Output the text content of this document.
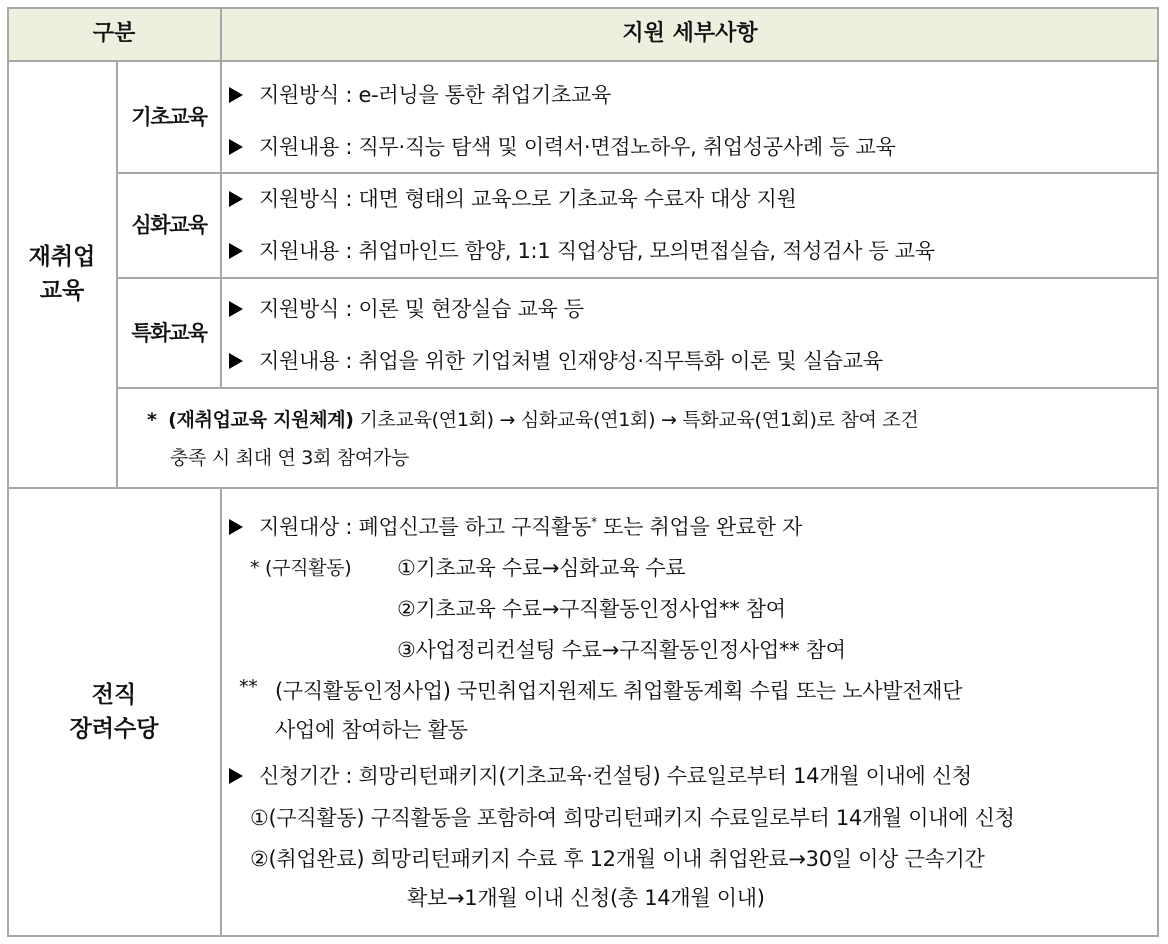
구분	지원 세부사항
재취업
교육
기초교육
심화교육
특화교육
지원방식 : e-러닝을 통한 취업기초교육
지원내용 : 직무·직능 탐색 및 이력서·면접노하우, 취업성공사례 등 교육
지원방식 : 대면 형태의 교육으로 기초교육 수료자 대상 지원
지원내용 : 취업마인드 함양, 1:1 직업상담, 모의면접실습, 적성검사 등 교육
지원방식 : 이론 및 현장실습 교육 등
지원내용 : 취업을 위한 기업처별 인재양성·직무특화 이론 및 실습교육
* (재취업교육 지원체계) 기초교육(연1회) → 심화교육(연1회) → 특화교육(연1회)로 참여 조건
충족 시 최대 연 3회 참여가능
전직
장려수당
지원대상 : 폐업신고를 하고 구직활동* 또는 취업을 완료한 자
* (구직활동) ①기초교육 수료→심화교육 수료
②기초교육 수료→구직활동인정사업** 참여
③사업정리컨설팅 수료→구직활동인정사업** 참여
** (구직활동인정사업) 국민취업지원제도 취업활동계획 수립 또는 노사발전재단
사업에 참여하는 활동
신청기간 : 희망리턴패키지(기초교육·컨설팅) 수료일로부터 14개월 이내에 신청
①(구직활동) 구직활동을 포함하여 희망리턴패키지 수료일로부터 14개월 이내에 신청
②(취업완료) 희망리턴패키지 수료 후 12개월 이내 취업완료→30일 이상 근속기간
확보→1개월 이내 신청(총 14개월 이내)
